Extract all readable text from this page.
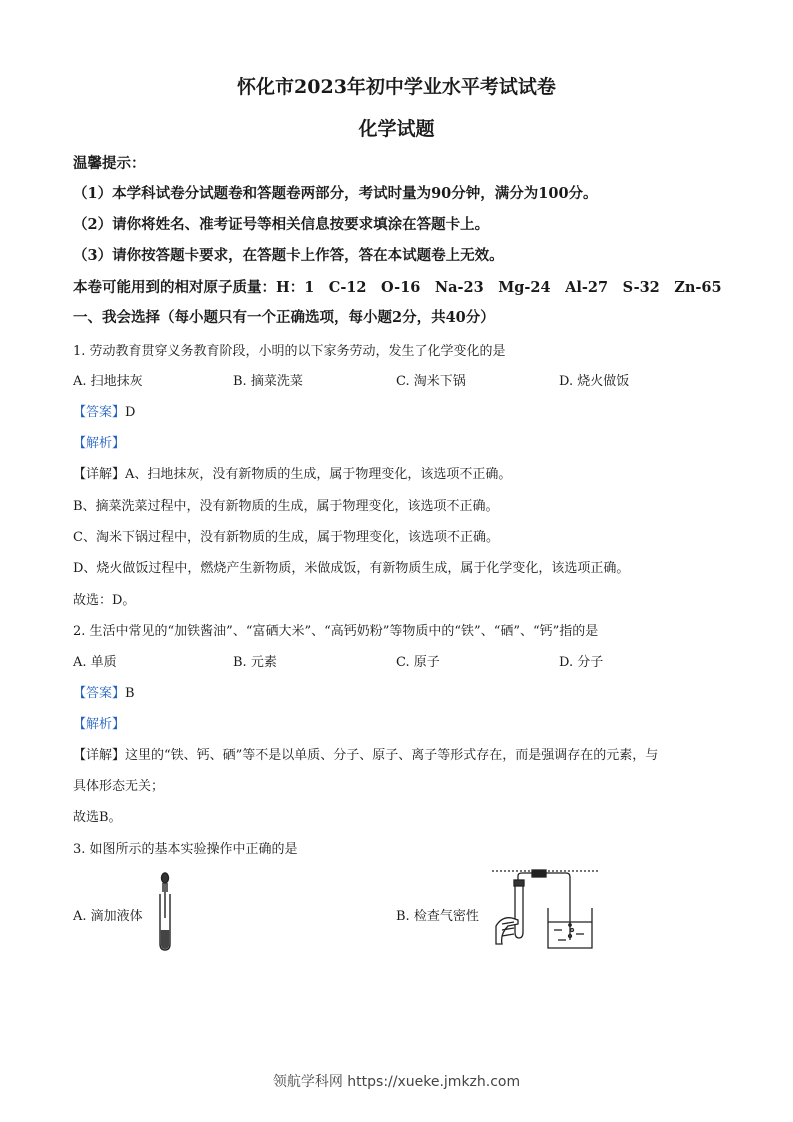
怀化市2023年初中学业水平考试试卷
化学试题
温馨提示：
（1）本学科试卷分试题卷和答题卷两部分，考试时量为90分钟，满分为100分。
（2）请你将姓名、准考证号等相关信息按要求填涂在答题卡上。
（3）请你按答题卡要求，在答题卡上作答，答在本试题卷上无效。
本卷可能用到的相对原子质量：H：1　C-12　O-16　Na-23　Mg-24　Al-27　S-32　Zn-65
一、我会选择（每小题只有一个正确选项，每小题2分，共40分）
1. 劳动教育贯穿义务教育阶段，小明的以下家务劳动，发生了化学变化的是
A. 扫地抹灰	B. 摘菜洗菜	C. 淘米下锅	D. 烧火做饭
【答案】D
【解析】
【详解】A、扫地抹灰，没有新物质的生成，属于物理变化，该选项不正确。
B、摘菜洗菜过程中，没有新物质的生成，属于物理变化，该选项不正确。
C、淘米下锅过程中，没有新物质的生成，属于物理变化，该选项不正确。
D、烧火做饭过程中，燃烧产生新物质，米做成饭，有新物质生成，属于化学变化，该选项正确。
故选：D。
2. 生活中常见的“加铁酱油”、“富硒大米”、“高钙奶粉”等物质中的“铁”、“硒”、“钙”指的是
A. 单质	B. 元素	C. 原子	D. 分子
【答案】B
【解析】
【详解】这里的“铁、钙、硒”等不是以单质、分子、原子、离子等形式存在，而是强调存在的元素，与
具体形态无关；
故选B。
3. 如图所示的基本实验操作中正确的是
A. 滴加液体	B. 检查气密性
领航学科网 https://xueke.jmkzh.com
